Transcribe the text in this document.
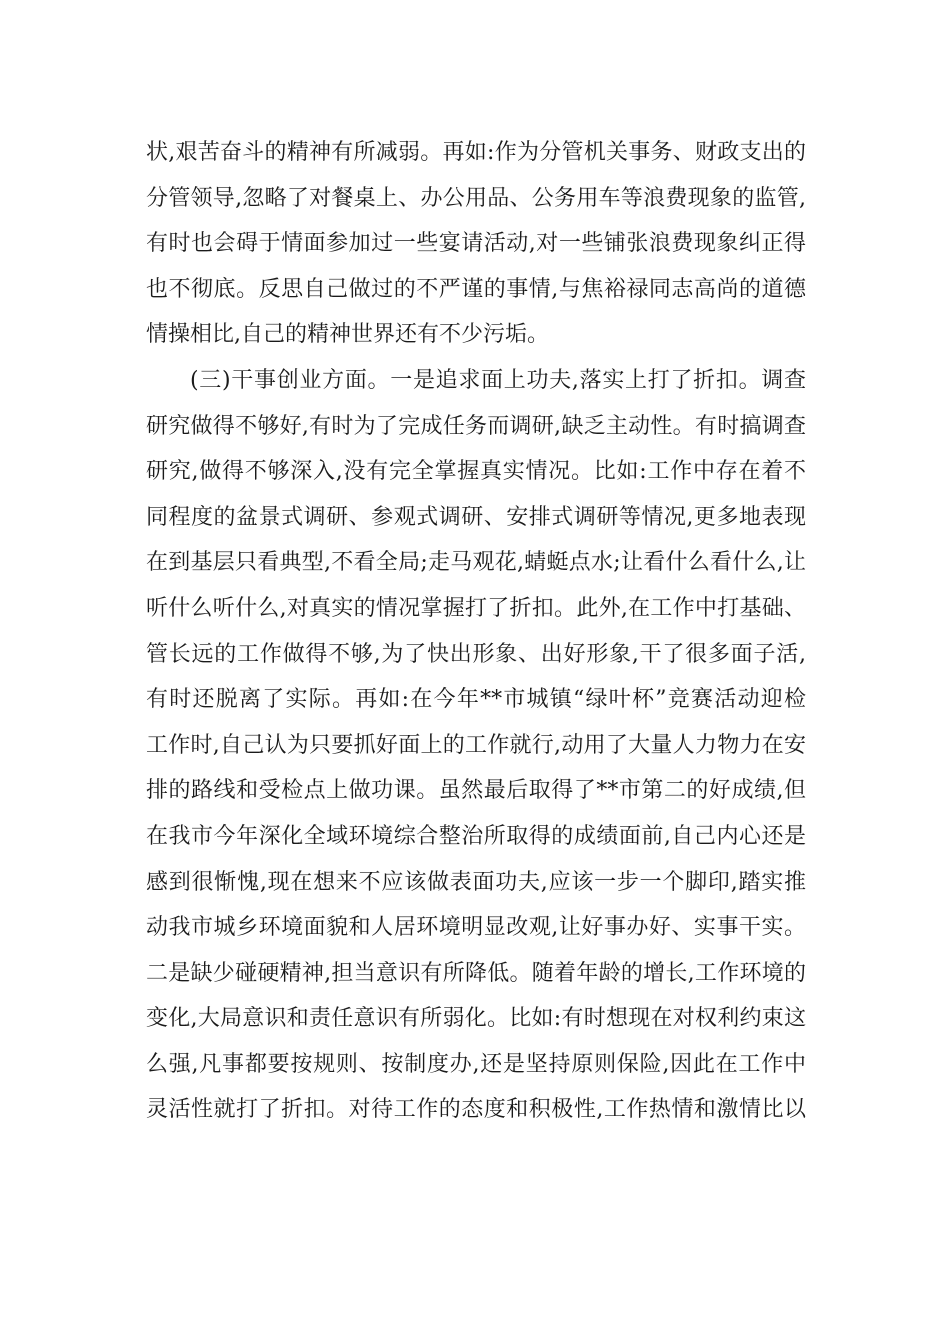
状,艰苦奋斗的精神有所减弱。再如:作为分管机关事务、财政支出的
分管领导,忽略了对餐桌上、办公用品、公务用车等浪费现象的监管,
有时也会碍于情面参加过一些宴请活动,对一些铺张浪费现象纠正得
也不彻底。反思自己做过的不严谨的事情,与焦裕禄同志高尚的道德
情操相比,自己的精神世界还有不少污垢。
(三)干事创业方面。一是追求面上功夫,落实上打了折扣。调查
研究做得不够好,有时为了完成任务而调研,缺乏主动性。有时搞调查
研究,做得不够深入,没有完全掌握真实情况。比如:工作中存在着不
同程度的盆景式调研、参观式调研、安排式调研等情况,更多地表现
在到基层只看典型,不看全局;走马观花,蜻蜓点水;让看什么看什么,让
听什么听什么,对真实的情况掌握打了折扣。此外,在工作中打基础、
管长远的工作做得不够,为了快出形象、出好形象,干了很多面子活,
有时还脱离了实际。再如:在今年**市城镇“绿叶杯”竞赛活动迎检
工作时,自己认为只要抓好面上的工作就行,动用了大量人力物力在安
排的路线和受检点上做功课。虽然最后取得了**市第二的好成绩,但
在我市今年深化全域环境综合整治所取得的成绩面前,自己内心还是
感到很惭愧,现在想来不应该做表面功夫,应该一步一个脚印,踏实推
动我市城乡环境面貌和人居环境明显改观,让好事办好、实事干实。
二是缺少碰硬精神,担当意识有所降低。随着年龄的增长,工作环境的
变化,大局意识和责任意识有所弱化。比如:有时想现在对权利约束这
么强,凡事都要按规则、按制度办,还是坚持原则保险,因此在工作中
灵活性就打了折扣。对待工作的态度和积极性,工作热情和激情比以
